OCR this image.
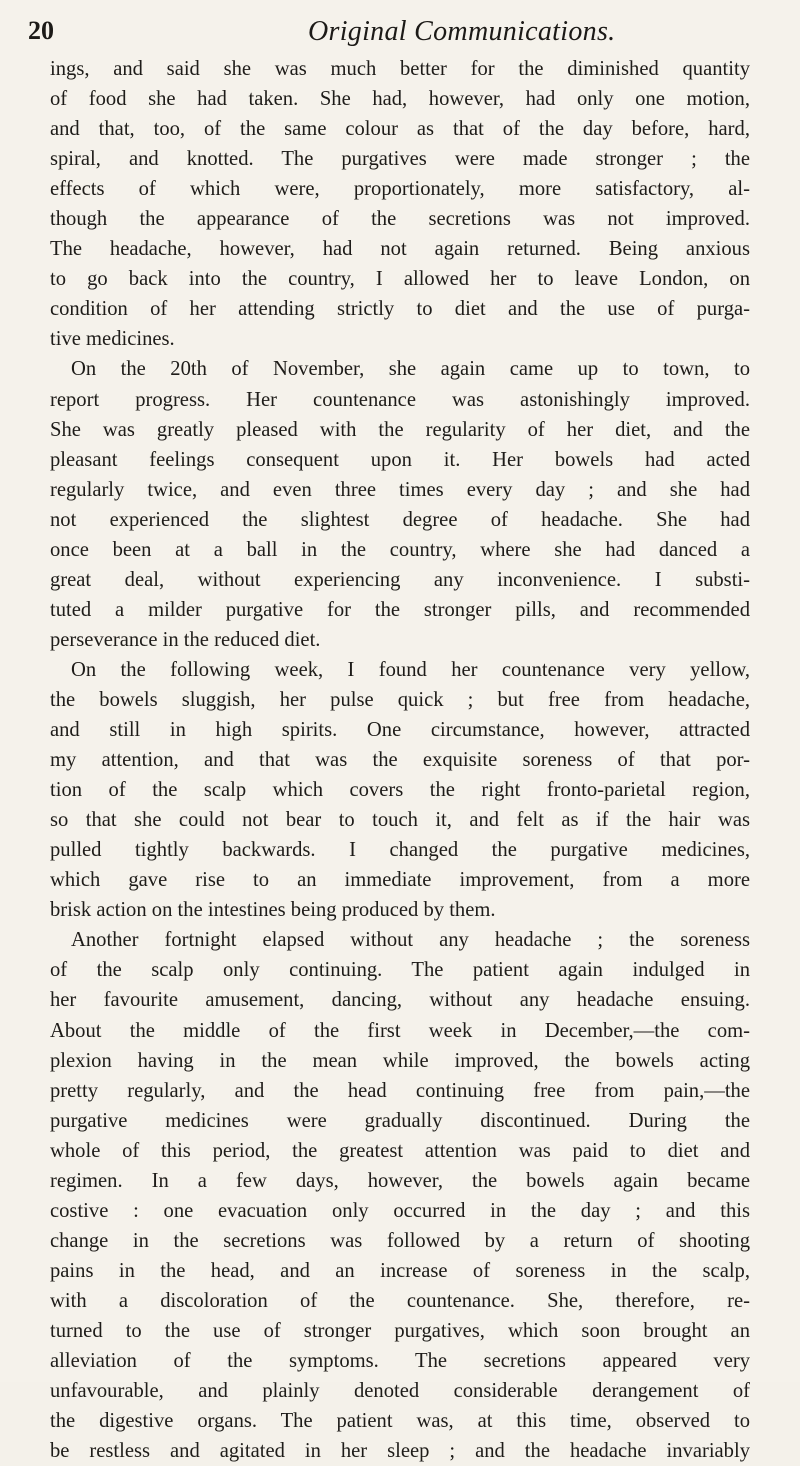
20	Original Communications.
ings, and said she was much better for the diminished quantity
of food she had taken. She had, however, had only one motion,
and that, too, of the same colour as that of the day before, hard,
spiral, and knotted. The purgatives were made stronger ; the
effects of which were, proportionately, more satisfactory, al-
though the appearance of the secretions was not improved.
The headache, however, had not again returned. Being anxious
to go back into the country, I allowed her to leave London, on
condition of her attending strictly to diet and the use of purga-
tive medicines.
On the 20th of November, she again came up to town, to
report progress. Her countenance was astonishingly improved.
She was greatly pleased with the regularity of her diet, and the
pleasant feelings consequent upon it. Her bowels had acted
regularly twice, and even three times every day ; and she had
not experienced the slightest degree of headache. She had
once been at a ball in the country, where she had danced a
great deal, without experiencing any inconvenience. I substi-
tuted a milder purgative for the stronger pills, and recommended
perseverance in the reduced diet.
On the following week, I found her countenance very yellow,
the bowels sluggish, her pulse quick ; but free from headache,
and still in high spirits. One circumstance, however, attracted
my attention, and that was the exquisite soreness of that por-
tion of the scalp which covers the right fronto-parietal region,
so that she could not bear to touch it, and felt as if the hair was
pulled tightly backwards. I changed the purgative medicines,
which gave rise to an immediate improvement, from a more
brisk action on the intestines being produced by them.
Another fortnight elapsed without any headache ; the soreness
of the scalp only continuing. The patient again indulged in
her favourite amusement, dancing, without any headache ensuing.
About the middle of the first week in December,—the com-
plexion having in the mean while improved, the bowels acting
pretty regularly, and the head continuing free from pain,—the
purgative medicines were gradually discontinued. During the
whole of this period, the greatest attention was paid to diet and
regimen. In a few days, however, the bowels again became
costive : one evacuation only occurred in the day ; and this
change in the secretions was followed by a return of shooting
pains in the head, and an increase of soreness in the scalp,
with a discoloration of the countenance. She, therefore, re-
turned to the use of stronger purgatives, which soon brought an
alleviation of the symptoms. The secretions appeared very
unfavourable, and plainly denoted considerable derangement of
the digestive organs. The patient was, at this time, observed to
be restless and agitated in her sleep ; and the headache invariably
